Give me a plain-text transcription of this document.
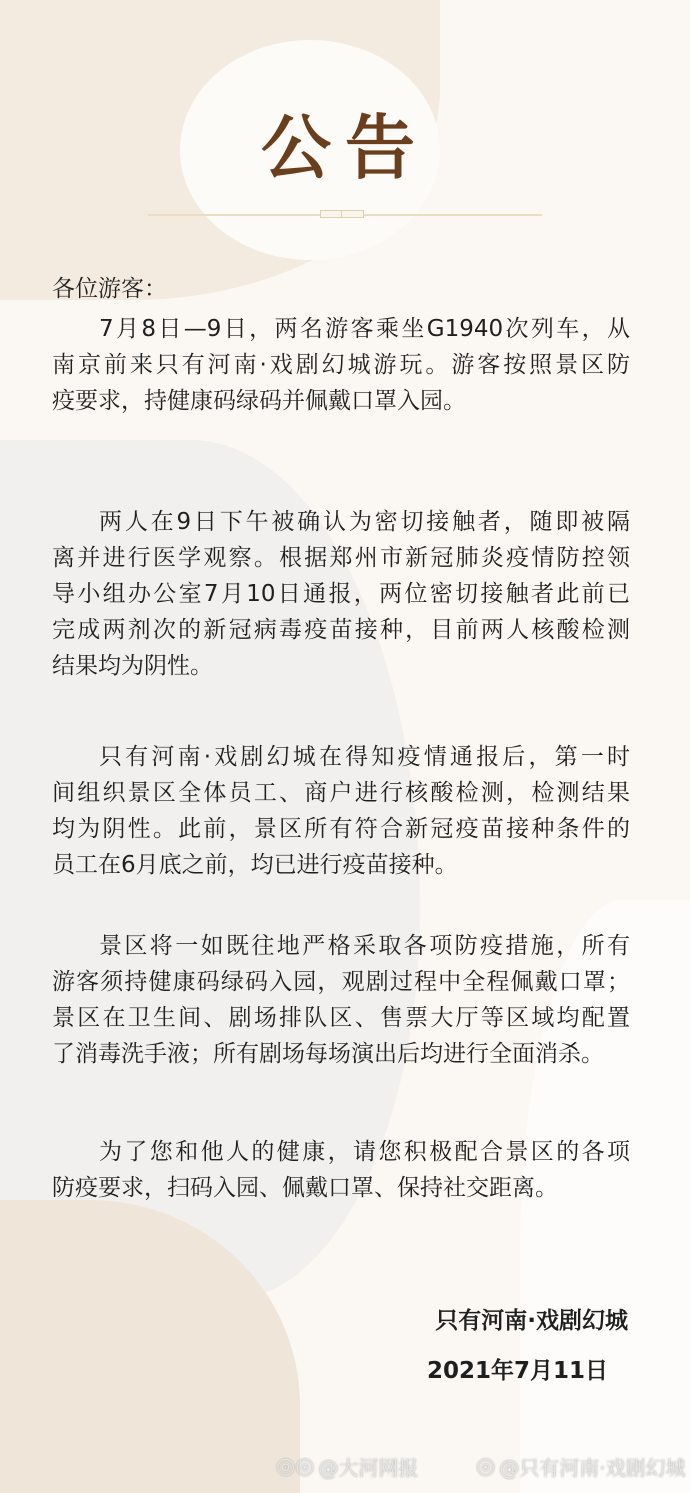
公告
各位游客：
7月8日—9日，两名游客乘坐G1940次列车，从
南京前来只有河南·戏剧幻城游玩。游客按照景区防
疫要求，持健康码绿码并佩戴口罩入园。
两人在9日下午被确认为密切接触者，随即被隔
离并进行医学观察。根据郑州市新冠肺炎疫情防控领
导小组办公室7月10日通报，两位密切接触者此前已
完成两剂次的新冠病毒疫苗接种，目前两人核酸检测
结果均为阴性。
只有河南·戏剧幻城在得知疫情通报后，第一时
间组织景区全体员工、商户进行核酸检测，检测结果
均为阴性。此前，景区所有符合新冠疫苗接种条件的
员工在6月底之前，均已进行疫苗接种。
景区将一如既往地严格采取各项防疫措施，所有
游客须持健康码绿码入园，观剧过程中全程佩戴口罩；
景区在卫生间、剧场排队区、售票大厅等区域均配置
了消毒洗手液；所有剧场每场演出后均进行全面消杀。
为了您和他人的健康，请您积极配合景区的各项
防疫要求，扫码入园、佩戴口罩、保持社交距离。
只有河南·戏剧幻城
2021年7月11日
◎◎ @大河网报	◎ @只有河南·戏剧幻城
